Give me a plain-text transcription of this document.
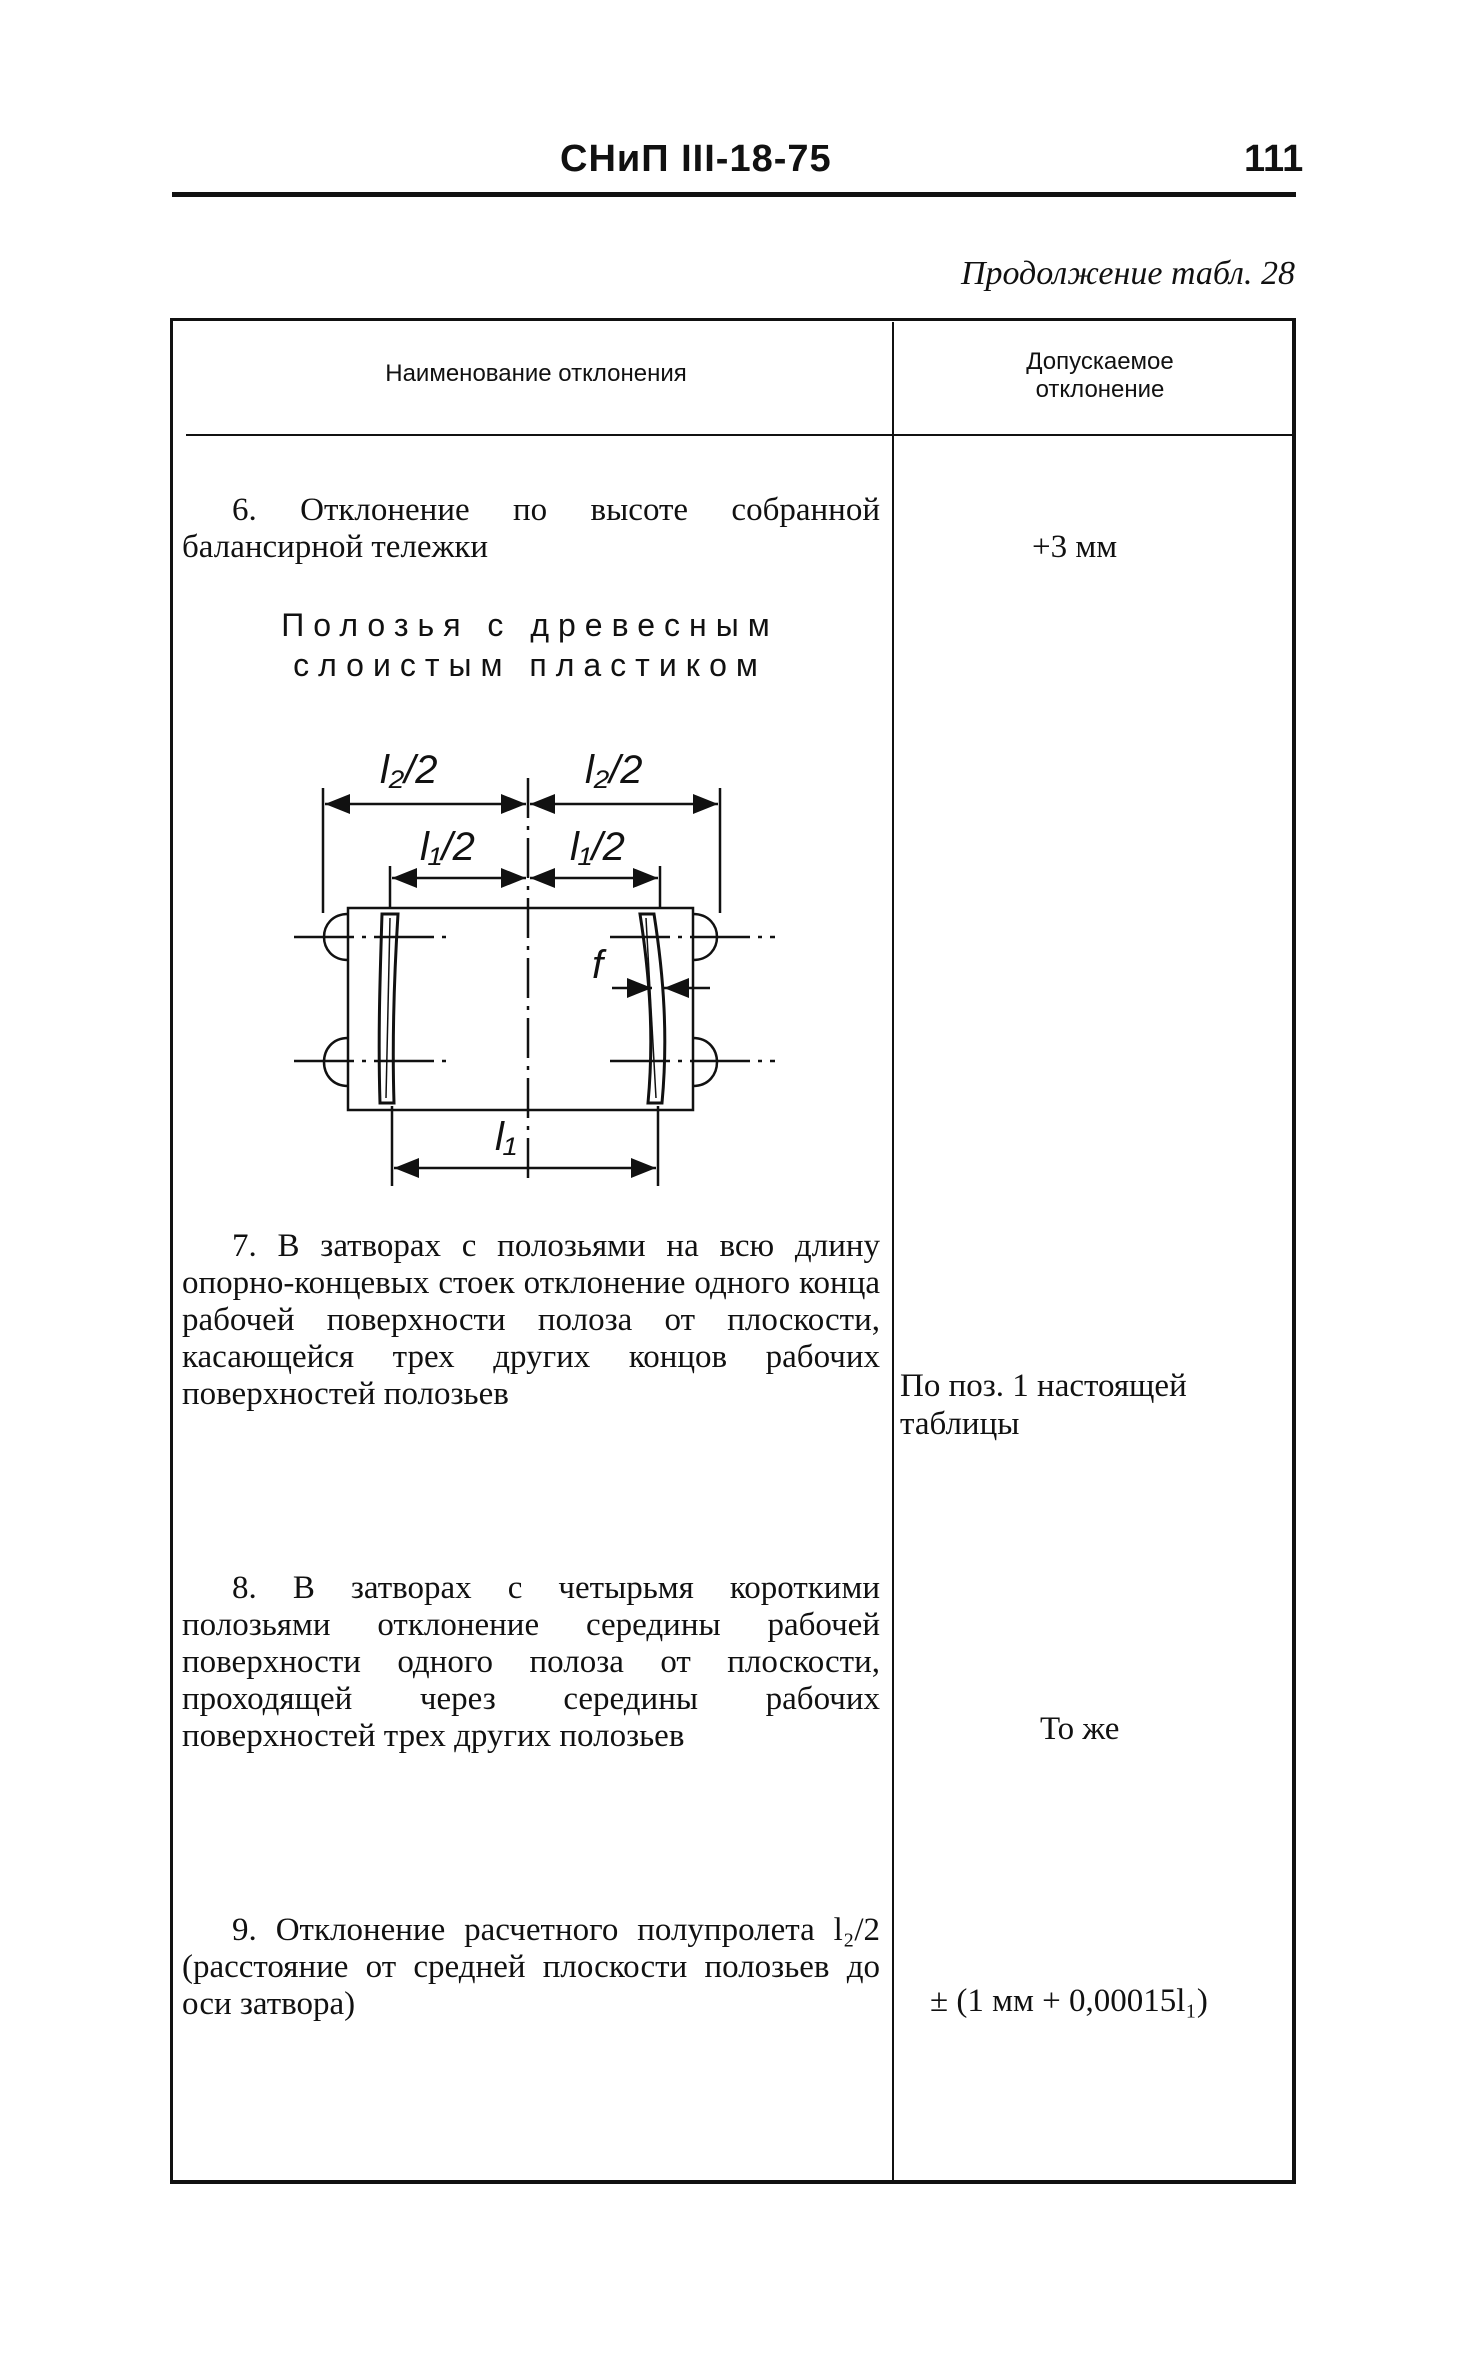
СНиП III-18-75	111
Продолжение табл. 28
Наименование отклонения	Допускаемое отклонение
6. Отклонение по высоте собранной балансирной тележки	+3 мм
Полозья с древесным слоистым пластиком
l₂/2	l₂/2
l₁/2 l₁/2
f
l₁
7. В затворах с полозьями на всю длину опорно-концевых стоек отклонение одного конца рабочей поверхности полоза от плоскости, касающейся трех других концов рабочих поверхностей полозьев	По поз. 1 настоящей таблицы
8. В затворах с четырьмя короткими полозьями отклонение середины рабочей поверхности одного полоза от плоскости, проходящей через середины рабочих поверхностей трех других полозьев	То же
9. Отклонение расчетного полупролета l₂/2 (расстояние от средней плоскости полозьев до оси затвора)	± (1 мм + 0,00015l₁)
